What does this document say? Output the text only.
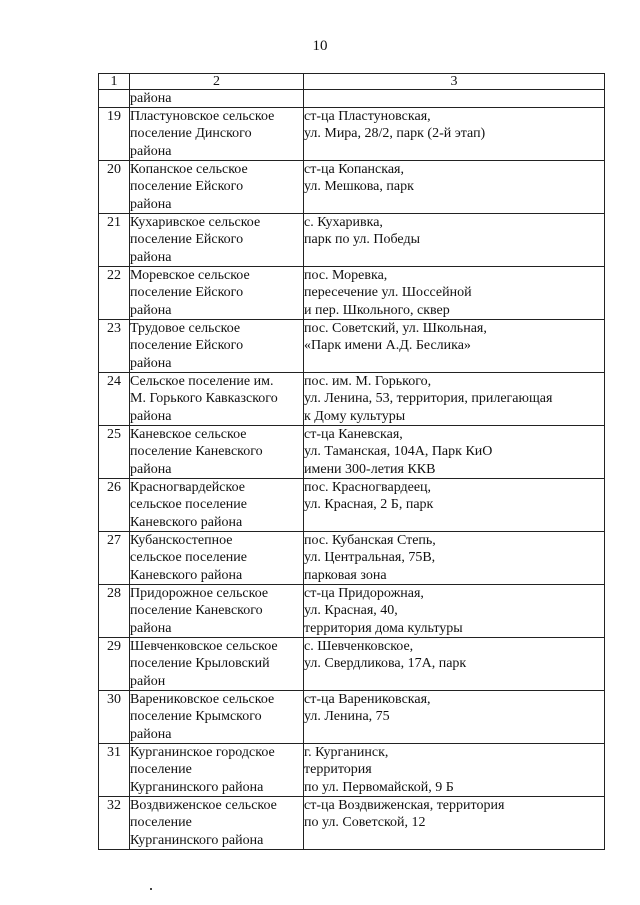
10
1	2	3

	района	

19	Пластуновское сельское
поселение Динского
района	ст-ца Пластуновская,
ул. Мира, 28/2, парк (2-й этап)

20	Копанское сельское
поселение Ейского
района	ст-ца Копанская,
ул. Мешкова, парк

21	Кухаривское сельское
поселение Ейского
района	с. Кухаривка,
парк по ул. Победы

22	Моревское сельское
поселение Ейского
района	пос. Моревка,
пересечение ул. Шоссейной
и пер. Школьного, сквер

23	Трудовое сельское
поселение Ейского
района	пос. Советский, ул. Школьная,
«Парк имени А.Д. Беслика»

24	Сельское поселение им.
М. Горького Кавказского
района	пос. им. М. Горького,
ул. Ленина, 53, территория, прилегающая
к Дому культуры

25	Каневское сельское
поселение Каневского
района	ст-ца Каневская,
ул. Таманская, 104А, Парк КиО
имени 300-летия ККВ

26	Красногвардейское
сельское поселение
Каневского района	пос. Красногвардеец,
ул. Красная, 2 Б, парк

27	Кубанскостепное
сельское поселение
Каневского района	пос. Кубанская Степь,
ул. Центральная, 75В,
парковая зона

28	Придорожное сельское
поселение Каневского
района	ст-ца Придорожная,
ул. Красная, 40,
территория дома культуры

29	Шевченковское сельское
поселение Крыловский
район	с. Шевченковское,
ул. Свердликова, 17А, парк

30	Варениковское сельское
поселение Крымского
района	ст-ца Варениковская,
ул. Ленина, 75

31	Курганинское городское
поселение
Курганинского района	г. Курганинск,
территория
по ул. Первомайской, 9 Б

32	Воздвиженское сельское
поселение
Курганинского района	ст-ца Воздвиженская, территория
по ул. Советской, 12
